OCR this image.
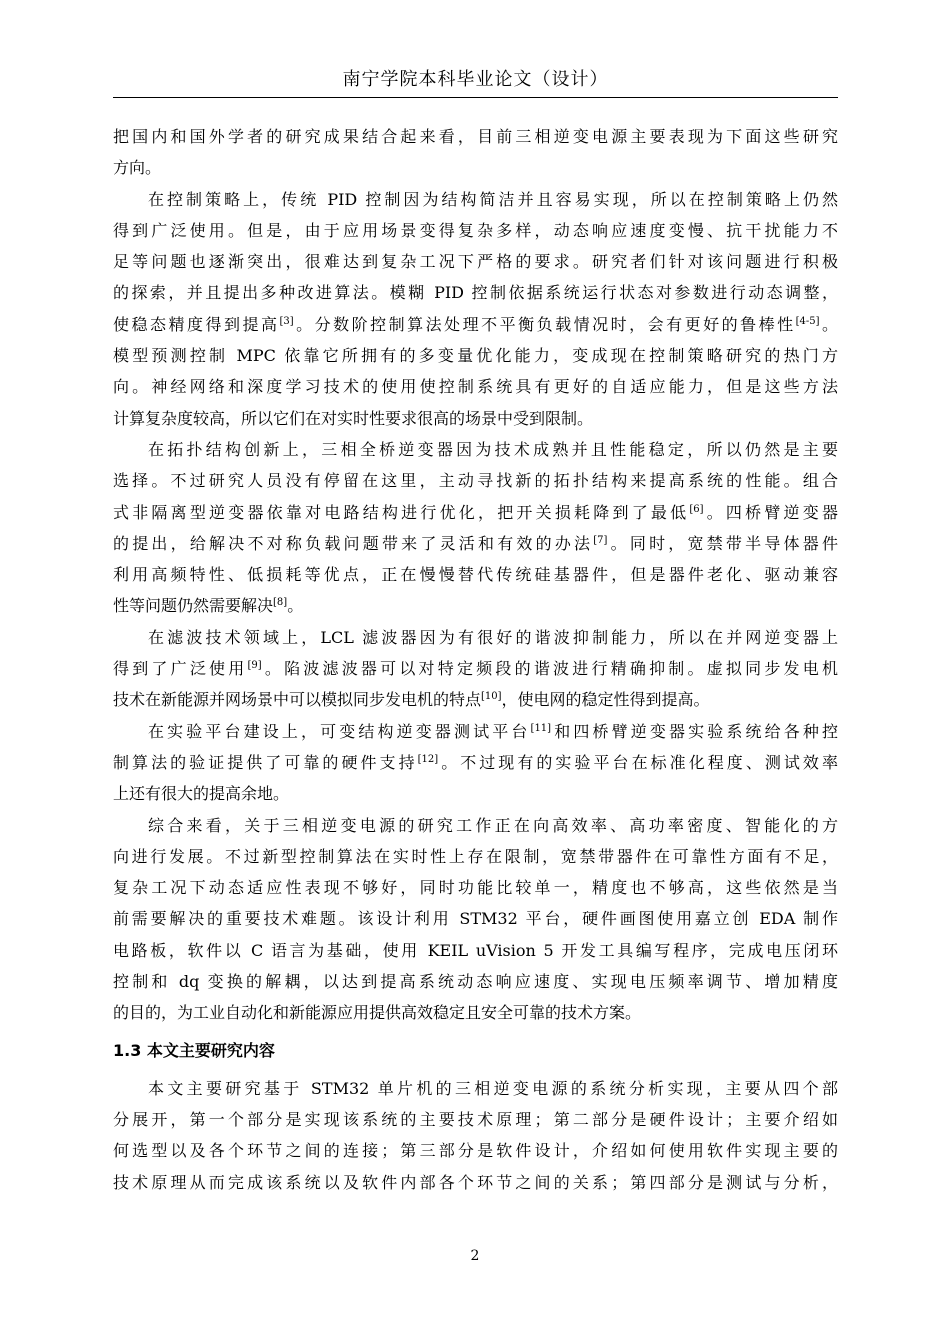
南宁学院本科毕业论文（设计）
把国内和国外学者的研究成果结合起来看，目前三相逆变电源主要表现为下面这些研究
方向。
在控制策略上，传统 PID 控制因为结构简洁并且容易实现，所以在控制策略上仍然
得到广泛使用。但是，由于应用场景变得复杂多样，动态响应速度变慢、抗干扰能力不
足等问题也逐渐突出，很难达到复杂工况下严格的要求。研究者们针对该问题进行积极
的探索，并且提出多种改进算法。模糊 PID 控制依据系统运行状态对参数进行动态调整，
使稳态精度得到提高[3]。分数阶控制算法处理不平衡负载情况时，会有更好的鲁棒性[4-5]。
模型预测控制 MPC 依靠它所拥有的多变量优化能力，变成现在控制策略研究的热门方
向。神经网络和深度学习技术的使用使控制系统具有更好的自适应能力，但是这些方法
计算复杂度较高，所以它们在对实时性要求很高的场景中受到限制。
在拓扑结构创新上，三相全桥逆变器因为技术成熟并且性能稳定，所以仍然是主要
选择。不过研究人员没有停留在这里，主动寻找新的拓扑结构来提高系统的性能。组合
式非隔离型逆变器依靠对电路结构进行优化，把开关损耗降到了最低[6]。四桥臂逆变器
的提出，给解决不对称负载问题带来了灵活和有效的办法[7]。同时，宽禁带半导体器件
利用高频特性、低损耗等优点，正在慢慢替代传统硅基器件，但是器件老化、驱动兼容
性等问题仍然需要解决[8]。
在滤波技术领域上，LCL 滤波器因为有很好的谐波抑制能力，所以在并网逆变器上
得到了广泛使用[9]。陷波滤波器可以对特定频段的谐波进行精确抑制。虚拟同步发电机
技术在新能源并网场景中可以模拟同步发电机的特点[10]，使电网的稳定性得到提高。
在实验平台建设上，可变结构逆变器测试平台[11]和四桥臂逆变器实验系统给各种控
制算法的验证提供了可靠的硬件支持[12]。不过现有的实验平台在标准化程度、测试效率
上还有很大的提高余地。
综合来看，关于三相逆变电源的研究工作正在向高效率、高功率密度、智能化的方
向进行发展。不过新型控制算法在实时性上存在限制，宽禁带器件在可靠性方面有不足，
复杂工况下动态适应性表现不够好，同时功能比较单一，精度也不够高，这些依然是当
前需要解决的重要技术难题。该设计利用 STM32 平台，硬件画图使用嘉立创 EDA 制作
电路板，软件以 C 语言为基础，使用 KEIL uVision 5 开发工具编写程序，完成电压闭环
控制和 dq 变换的解耦，以达到提高系统动态响应速度、实现电压频率调节、增加精度
的目的，为工业自动化和新能源应用提供高效稳定且安全可靠的技术方案。
1.3 本文主要研究内容
本文主要研究基于 STM32 单片机的三相逆变电源的系统分析实现，主要从四个部
分展开，第一个部分是实现该系统的主要技术原理；第二部分是硬件设计；主要介绍如
何选型以及各个环节之间的连接；第三部分是软件设计，介绍如何使用软件实现主要的
技术原理从而完成该系统以及软件内部各个环节之间的关系；第四部分是测试与分析，
2
